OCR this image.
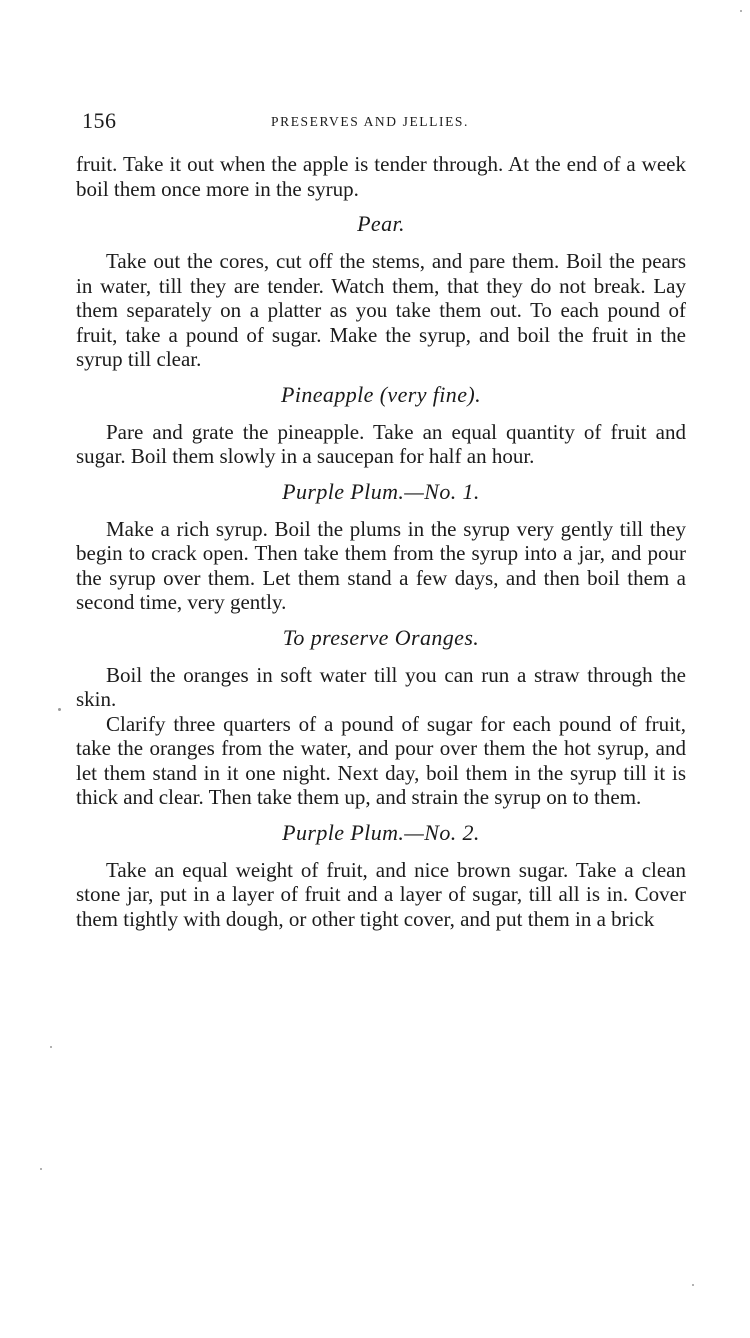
156	PRESERVES AND JELLIES.

fruit. Take it out when the apple is tender through. At the end of a week boil them once more in the syrup.

Pear.

Take out the cores, cut off the stems, and pare them. Boil the pears in water, till they are tender. Watch them, that they do not break. Lay them separately on a platter as you take them out. To each pound of fruit, take a pound of sugar. Make the syrup, and boil the fruit in the syrup till clear.

Pineapple (very fine).

Pare and grate the pineapple. Take an equal quantity of fruit and sugar. Boil them slowly in a saucepan for half an hour.

Purple Plum.—No. 1.

Make a rich syrup. Boil the plums in the syrup very gently till they begin to crack open. Then take them from the syrup into a jar, and pour the syrup over them. Let them stand a few days, and then boil them a second time, very gently.

To preserve Oranges.

Boil the oranges in soft water till you can run a straw through the skin.

Clarify three quarters of a pound of sugar for each pound of fruit, take the oranges from the water, and pour over them the hot syrup, and let them stand in it one night. Next day, boil them in the syrup till it is thick and clear. Then take them up, and strain the syrup on to them.

Purple Plum.—No. 2.

Take an equal weight of fruit, and nice brown sugar. Take a clean stone jar, put in a layer of fruit and a layer of sugar, till all is in. Cover them tightly with dough, or other tight cover, and put them in a brick
